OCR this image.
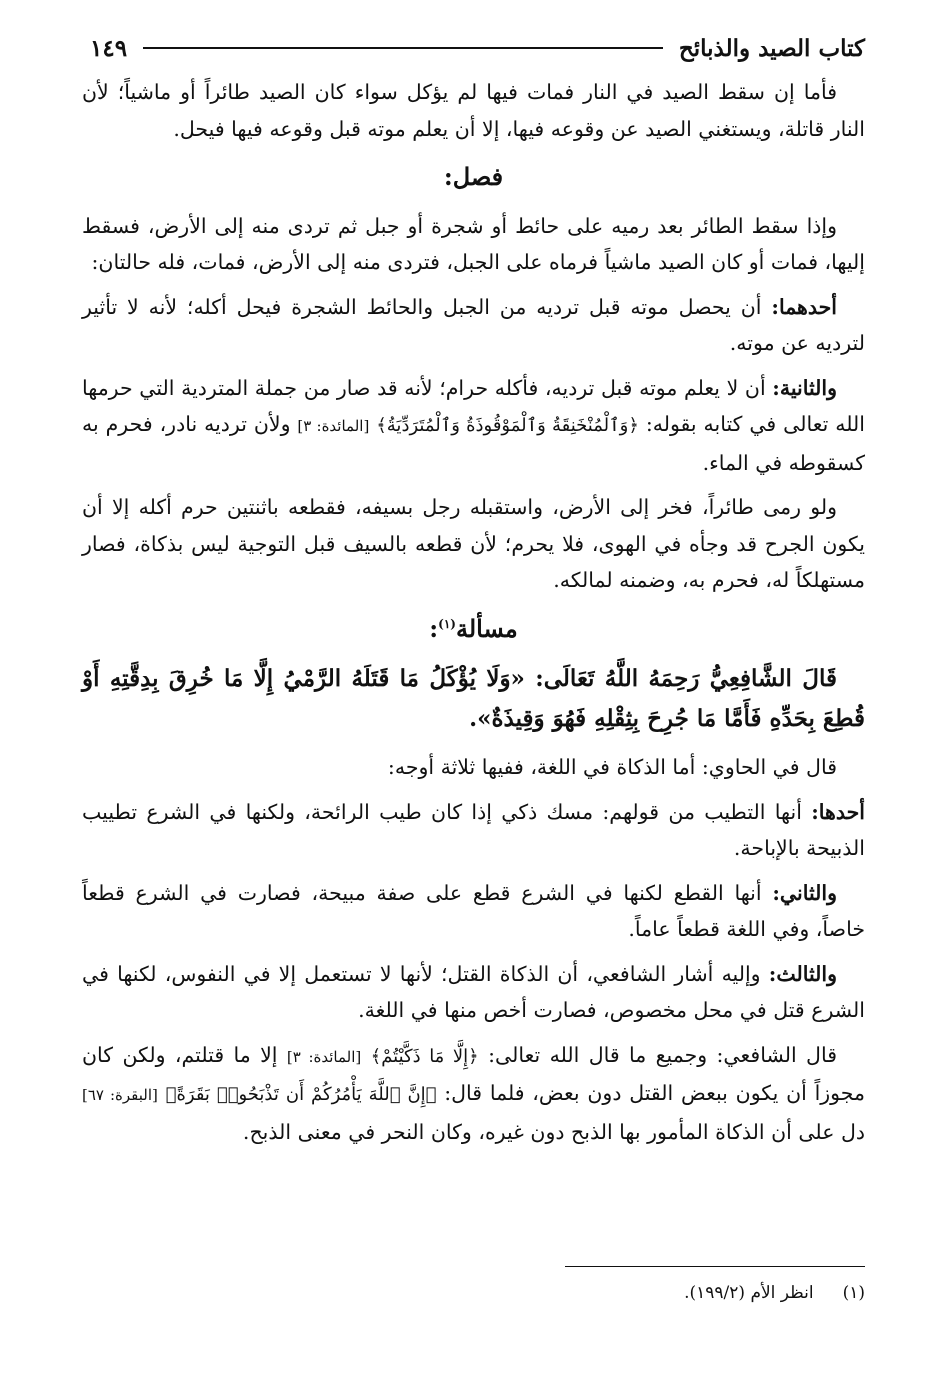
كتاب الصيد والذبائح
١٤٩

فأما إن سقط الصيد في النار فمات فيها لم يؤكل سواء كان الصيد طائراً أو ماشياً؛ لأن النار قاتلة، ويستغني الصيد عن وقوعه فيها، إلا أن يعلم موته قبل وقوعه فيها فيحل.

فصل:

وإذا سقط الطائر بعد رميه على حائط أو شجرة أو جبل ثم تردى منه إلى الأرض، فسقط إليها، فمات أو كان الصيد ماشياً فرماه على الجبل، فتردى منه إلى الأرض، فمات، فله حالتان:

أحدهما: أن يحصل موته قبل ترديه من الجبل والحائط الشجرة فيحل أكله؛ لأنه لا تأثير لترديه عن موته.

والثانية: أن لا يعلم موته قبل ترديه، فأكله حرام؛ لأنه قد صار من جملة المتردية التي حرمها الله تعالى في كتابه بقوله: ﴿وَٱلْمُنْخَنِقَةُ وَٱلْمَوْقُوذَةُ وَٱلْمُتَرَدِّيَةُ﴾ [المائدة: ٣] ولأن ترديه نادر، فحرم به كسقوطه في الماء.

ولو رمى طائراً، فخر إلى الأرض، واستقبله رجل بسيفه، فقطعه باثنتين حرم أكله إلا أن يكون الجرح قد وجأه في الهوى، فلا يحرم؛ لأن قطعه بالسيف قبل التوجية ليس بذكاة، فصار مستهلكاً له، فحرم به، وضمنه لمالكه.

مسألة$^{(١)}$:

قَالَ الشَّافِعِيُّ رَحِمَهُ اللَّهُ تَعَالَى: «وَلَا يُؤْكَلُ مَا قَتَلَهُ الرَّمْيُ إِلَّا مَا خُرِقَ بِدِقَّتِهِ أَوْ قُطِعَ بِحَدِّهِ فَأَمَّا مَا جُرِحَ بِثِقْلِهِ فَهُوَ وَقِيذَةٌ».

قال في الحاوي: أما الذكاة في اللغة، ففيها ثلاثة أوجه:

أحدها: أنها التطيب من قولهم: مسك ذكي إذا كان طيب الرائحة، ولكنها في الشرع تطييب الذبيحة بالإباحة.

والثاني: أنها القطع لكنها في الشرع قطع على صفة مبيحة، فصارت في الشرع قطعاً خاصاً، وفي اللغة قطعاً عاماً.

والثالث: وإليه أشار الشافعي، أن الذكاة القتل؛ لأنها لا تستعمل إلا في النفوس، لكنها في الشرع قتل في محل مخصوص، فصارت أخص منها في اللغة.

قال الشافعي: وجميع ما قال الله تعالى: ﴿إِلَّا مَا ذَكَّيْتُمْ﴾ [المائدة: ٣] إلا ما قتلتم، ولكن كان مجوزاً أن يكون ببعض القتل دون بعض، فلما قال: ﴿إِنَّ ٱللَّهَ يَأْمُرُكُمْ أَن تَذْبَحُوا۟ بَقَرَةً﴾ [البقرة: ٦٧] دل على أن الذكاة المأمور بها الذبح دون غيره، وكان النحر في معنى الذبح.

(١) انظر الأم (١٩٩/٢).
